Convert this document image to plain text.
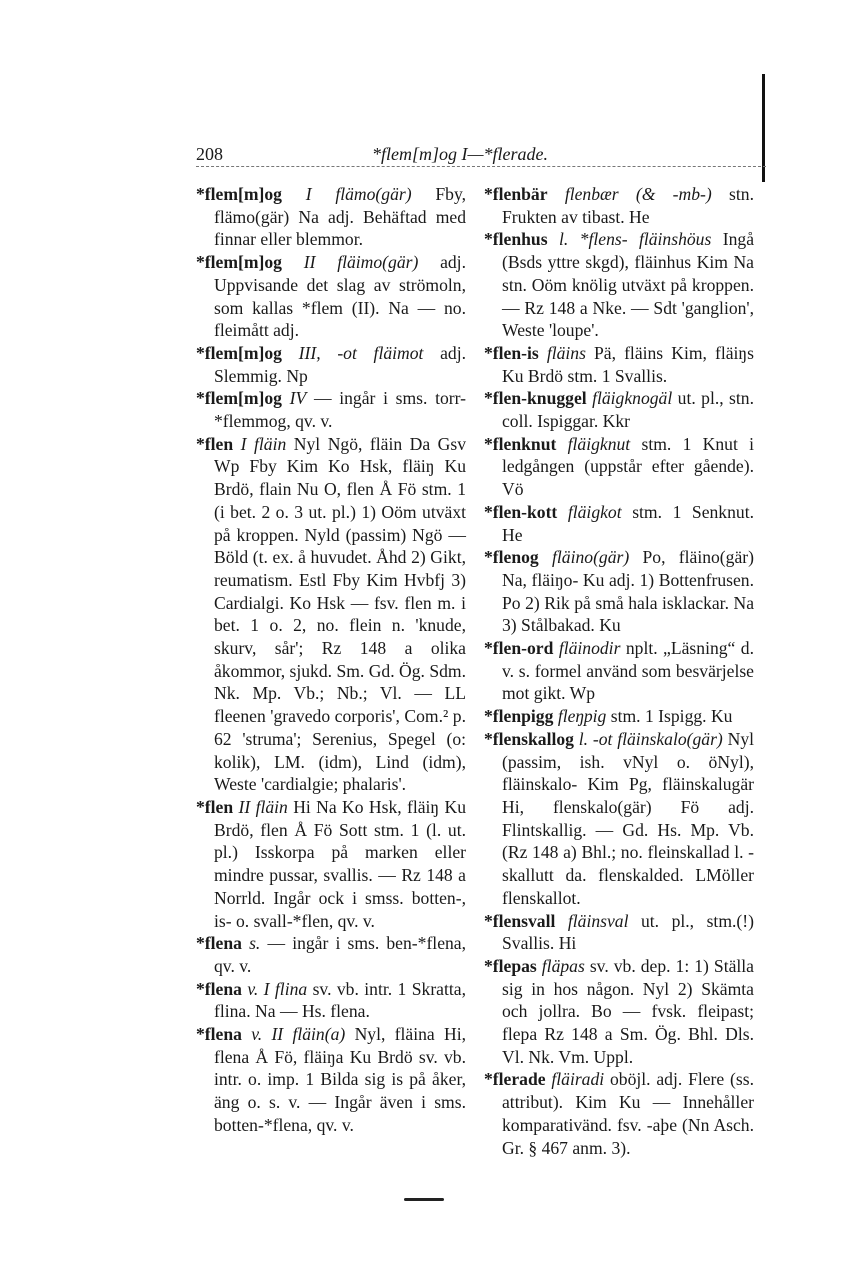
208	*flem[m]og I—*flerade.

*flem[m]og I flämo(gär) Fby, flämo(gär) Na adj. Behäftad med finnar eller blemmor.

*flem[m]og II fläimo(gär) adj. Uppvisande det slag av strömoln, som kallas *flem (II). Na — no. fleimått adj.

*flem[m]og III, -ot fläimot adj. Slemmig. Np

*flem[m]og IV — ingår i sms. torr-*flemmog, qv. v.

*flen I fläin Nyl Ngö, fläin Da Gsv Wp Fby Kim Ko Hsk, fläiŋ Ku Brdö, flain Nu O, flen Å Fö stm. 1 (i bet. 2 o. 3 ut. pl.) 1) Oöm utväxt på kroppen. Nyld (passim) Ngö — Böld (t. ex. å huvudet. Åhd 2) Gikt, reumatism. Estl Fby Kim Hvbfj 3) Cardialgi. Ko Hsk — fsv. flen m. i bet. 1 o. 2, no. flein n. 'knude, skurv, sår'; Rz 148 a olika åkommor, sjukd. Sm. Gd. Ög. Sdm. Nk. Mp. Vb.; Nb.; Vl. — LL fleenen 'gravedo corporis', Com.² p. 62 'struma'; Serenius, Spegel (o: kolik), LM. (idm), Lind (idm), Weste 'cardialgie; phalaris'.

*flen II fläin Hi Na Ko Hsk, fläiŋ Ku Brdö, flen Å Fö Sott stm. 1 (l. ut. pl.) Isskorpa på marken eller mindre pussar, svallis. — Rz 148 a Norrld. Ingår ock i smss. botten-, is- o. svall-*flen, qv. v.

*flena s. — ingår i sms. ben-*flena, qv. v.

*flena v. I flina sv. vb. intr. 1 Skratta, flina. Na — Hs. flena.

*flena v. II fläin(a) Nyl, fläina Hi, flena Å Fö, fläiŋa Ku Brdö sv. vb. intr. o. imp. 1 Bilda sig is på åker, äng o. s. v. — Ingår även i sms. botten-*flena, qv. v.

*flenbär flenbær (& -mb-) stn. Frukten av tibast. He

*flenhus l. *flens- fläinshöus Ingå (Bsds yttre skgd), fläinhus Kim Na stn. Oöm knölig utväxt på kroppen. — Rz 148 a Nke. — Sdt 'ganglion', Weste 'loupe'.

*flen-is fläins Pä, fläins Kim, fläiŋs Ku Brdö stm. 1 Svallis.

*flen-knuggel fläigknogäl ut. pl., stn. coll. Ispiggar. Kkr

*flenknut fläigknut stm. 1 Knut i ledgången (uppstår efter gående). Vö

*flen-kott fläigkot stm. 1 Senknut. He

*flenog fläino(gär) Po, fläino(gär) Na, fläiŋo- Ku adj. 1) Bottenfrusen. Po 2) Rik på små hala isklackar. Na 3) Stålbakad. Ku

*flen-ord fläinodir nplt. „Läsning“ d. v. s. formel använd som besvärjelse mot gikt. Wp

*flenpigg fleŋpig stm. 1 Ispigg. Ku

*flenskallog l. -ot fläinskalo(gär) Nyl (passim, ish. vNyl o. öNyl), fläinskalo- Kim Pg, fläinskalugär Hi, flenskalo(gär) Fö adj. Flintskallig. — Gd. Hs. Mp. Vb. (Rz 148 a) Bhl.; no. fleinskallad l. -skallutt da. flenskalded. LMöller flenskallot.

*flensvall fläinsval ut. pl., stm.(!) Svallis. Hi

*flepas fläpas sv. vb. dep. 1: 1) Ställa sig in hos någon. Nyl 2) Skämta och jollra. Bo — fvsk. fleipast; flepa Rz 148 a Sm. Ög. Bhl. Dls. Vl. Nk. Vm. Uppl.

*flerade fläiradi oböjl. adj. Flere (ss. attribut). Kim Ku — Innehåller komparativänd. fsv. -aþe (Nn Asch. Gr. § 467 anm. 3).
